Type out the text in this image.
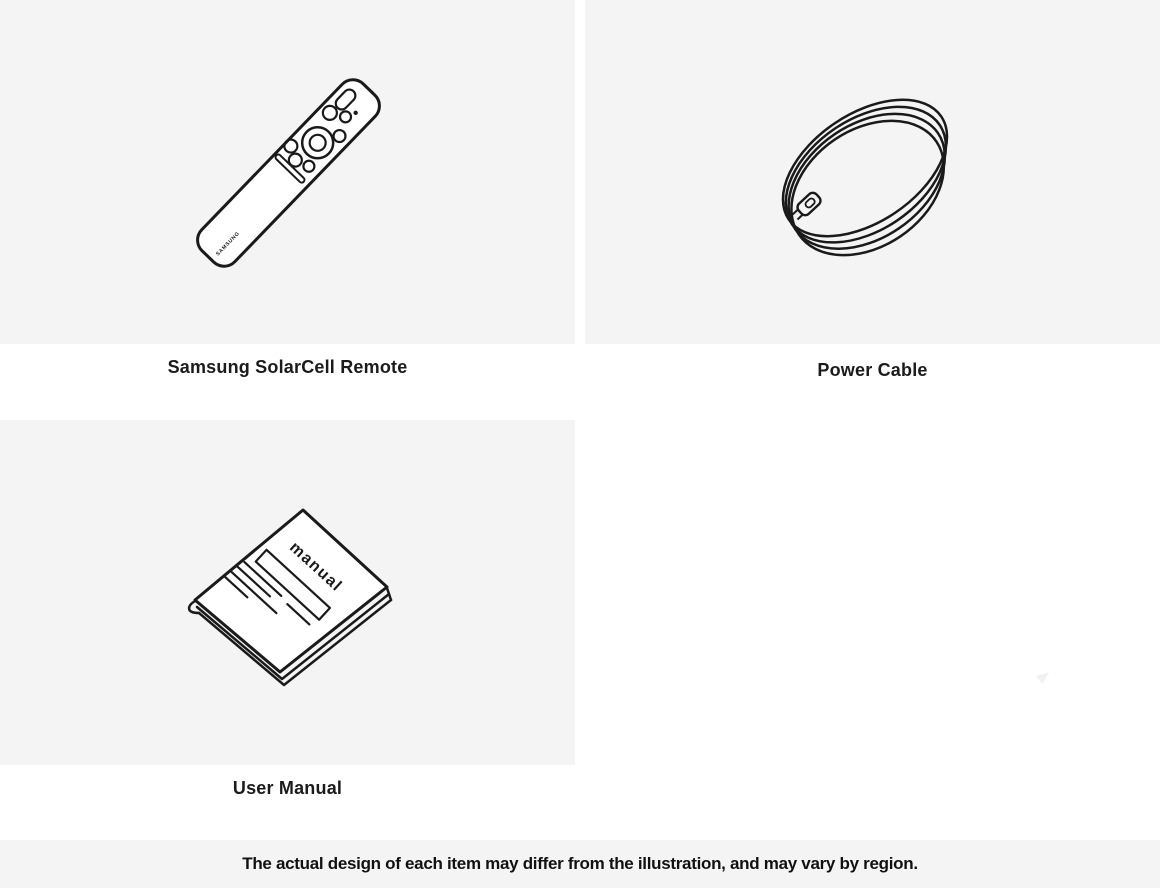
SAMSUNG
manual
Samsung SolarCell Remote	Power Cable
User Manual
The actual design of each item may differ from the illustration, and may vary by region.
